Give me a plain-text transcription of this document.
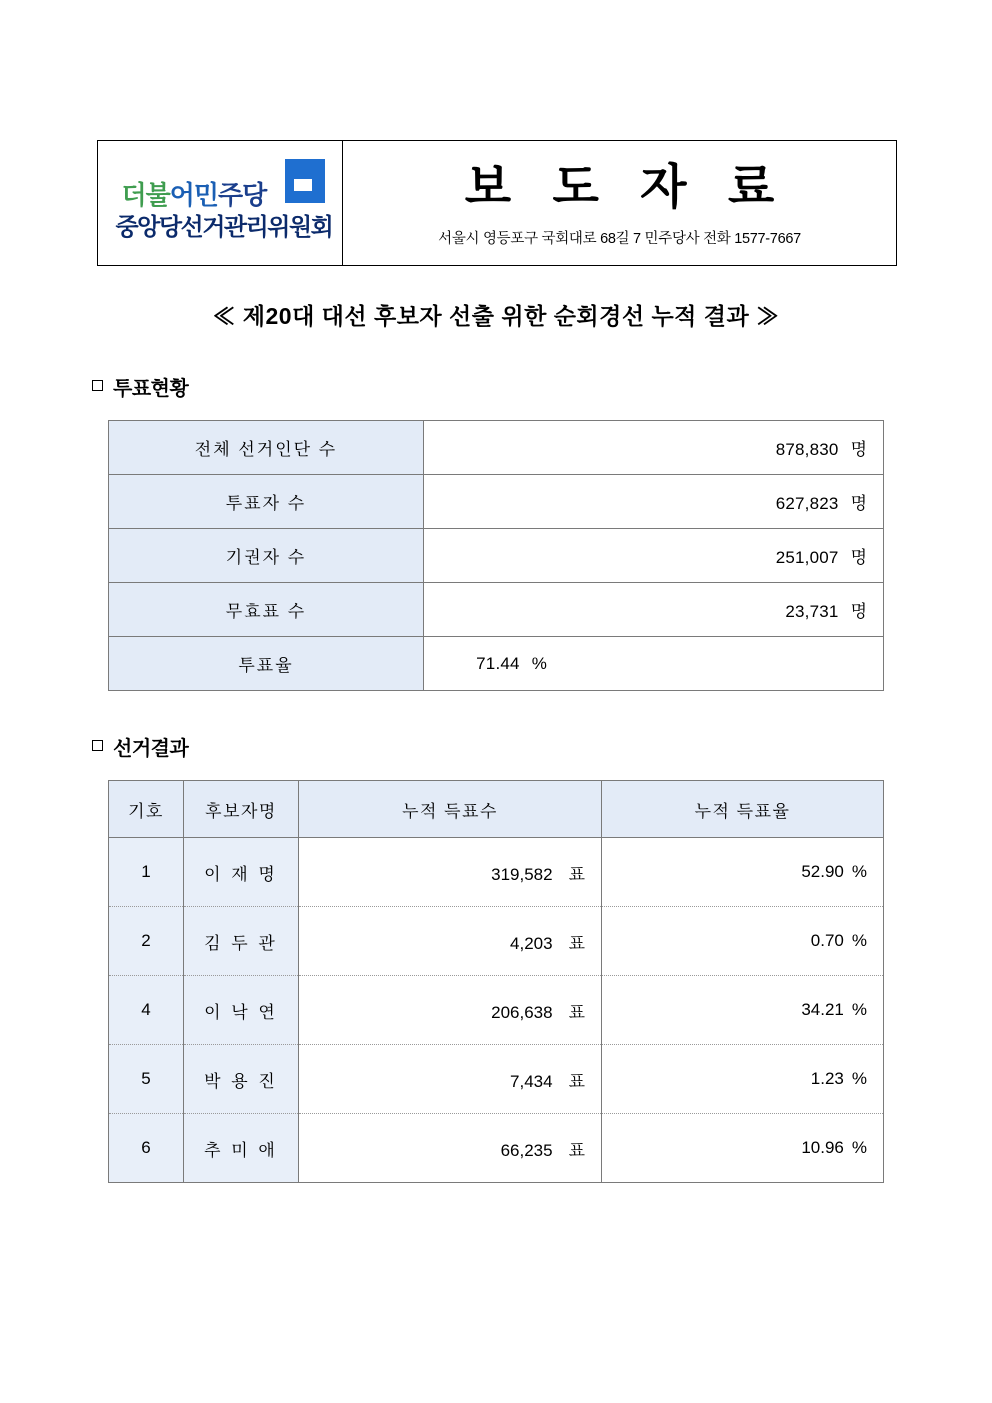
더불어민주당
중앙당선거관리위원회
보 도 자 료
서울시 영등포구 국회대로 68길 7 민주당사 전화 1577-7667
≪ 제20대 대선 후보자 선출 위한 순회경선 누적 결과 ≫
투표현황
전체 선거인단 수	878,830 명
투표자 수	627,823 명
기권자 수	251,007 명
무효표 수	23,731 명
투표율	71.44 %
선거결과
기호	후보자명	누적 득표수	누적 득표율
1	이 재 명	319,582 표	52.90 %
2	김 두 관	4,203 표	0.70 %
4	이 낙 연	206,638 표	34.21 %
5	박 용 진	7,434 표	1.23 %
6	추 미 애	66,235 표	10.96 %
